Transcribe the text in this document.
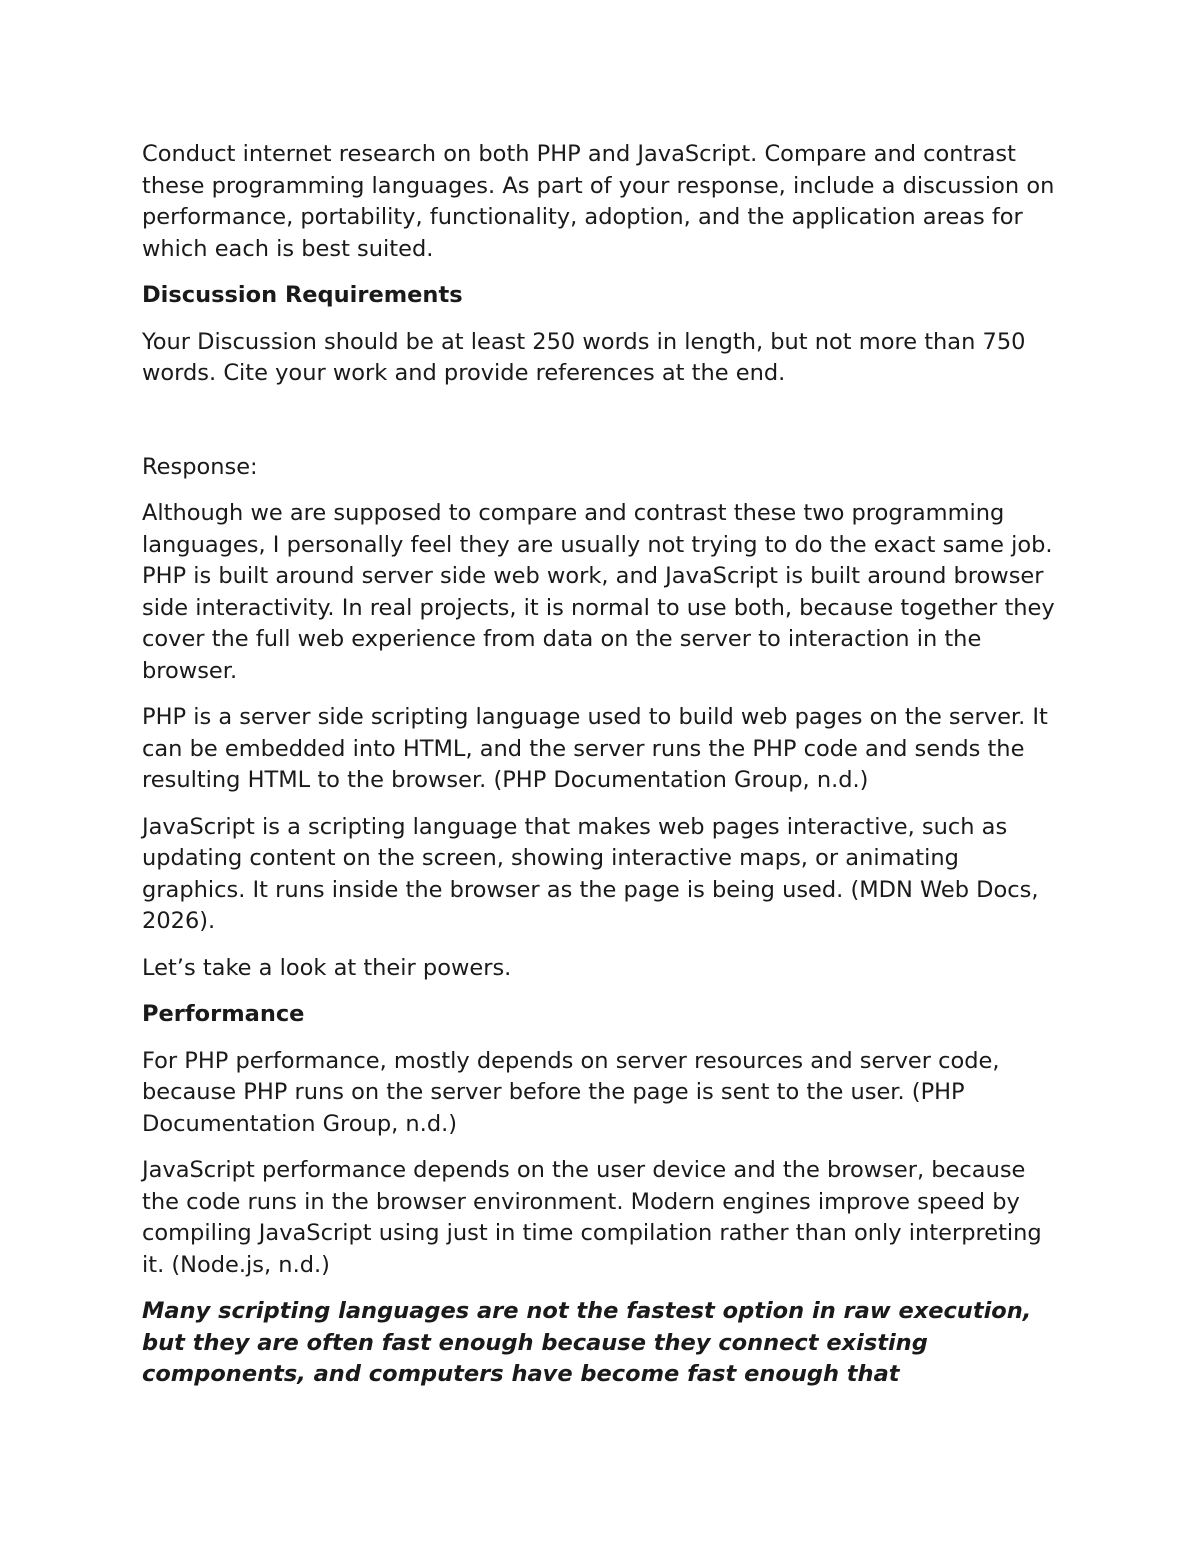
Conduct internet research on both PHP and JavaScript. Compare and contrast these programming languages. As part of your response, include a discussion on performance, portability, functionality, adoption, and the application areas for which each is best suited.

Discussion Requirements

Your Discussion should be at least 250 words in length, but not more than 750 words. Cite your work and provide references at the end.

Response:

Although we are supposed to compare and contrast these two programming languages, I personally feel they are usually not trying to do the exact same job. PHP is built around server side web work, and JavaScript is built around browser side interactivity. In real projects, it is normal to use both, because together they cover the full web experience from data on the server to interaction in the browser.

PHP is a server side scripting language used to build web pages on the server. It can be embedded into HTML, and the server runs the PHP code and sends the resulting HTML to the browser. (PHP Documentation Group, n.d.)

JavaScript is a scripting language that makes web pages interactive, such as updating content on the screen, showing interactive maps, or animating graphics. It runs inside the browser as the page is being used. (MDN Web Docs, 2026).

Let’s take a look at their powers.

Performance

For PHP performance, mostly depends on server resources and server code, because PHP runs on the server before the page is sent to the user. (PHP Documentation Group, n.d.)

JavaScript performance depends on the user device and the browser, because the code runs in the browser environment. Modern engines improve speed by compiling JavaScript using just in time compilation rather than only interpreting it. (Node.js, n.d.)

Many scripting languages are not the fastest option in raw execution, but they are often fast enough because they connect existing components, and computers have become fast enough that
